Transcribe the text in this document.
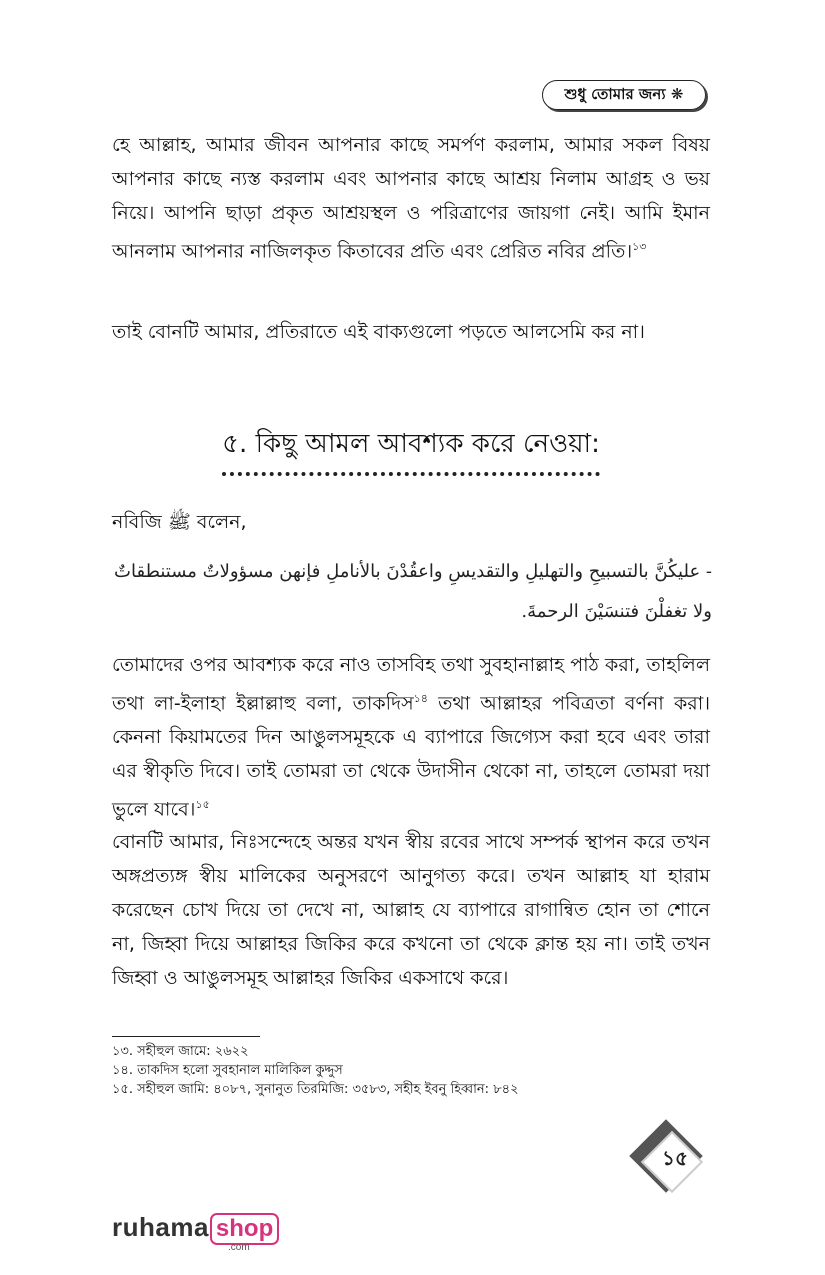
শুধু তোমার জন্য ❋

হে আল্লাহ, আমার জীবন আপনার কাছে সমর্পণ করলাম, আমার সকল বিষয় আপনার কাছে ন্যস্ত করলাম এবং আপনার কাছে আশ্রয় নিলাম আগ্রহ ও ভয় নিয়ে। আপনি ছাড়া প্রকৃত আশ্রয়স্থল ও পরিত্রাণের জায়গা নেই। আমি ইমান আনলাম আপনার নাজিলকৃত কিতাবের প্রতি এবং প্রেরিত নবির প্রতি।$^{১৩}$

তাই বোনটি আমার, প্রতিরাতে এই বাক্যগুলো পড়তে আলসেমি কর না।

৫. কিছু আমল আবশ্যক করে নেওয়া:
নবিজি ﷺ বলেন,
- عليكُنَّ بالتسبيحِ والتهليلِ والتقديسِ واعقُدْنَ بالأناملِ فإنهن مسؤولاتٌ مستنطقاتٌ
ولا تغفلْنَ فتنسَيْنَ الرحمةَ.

তোমাদের ওপর আবশ্যক করে নাও তাসবিহ তথা সুবহানাল্লাহ পাঠ করা, তাহলিল তথা লা-ইলাহা ইল্লাল্লাহু বলা, তাকদিস$^{১৪}$ তথা আল্লাহর পবিত্রতা বর্ণনা করা। কেননা কিয়ামতের দিন আঙুলসমূহকে এ ব্যাপারে জিগ্যেস করা হবে এবং তারা এর স্বীকৃতি দিবে। তাই তোমরা তা থেকে উদাসীন থেকো না, তাহলে তোমরা দয়া ভুলে যাবে।$^{১৫}$

বোনটি আমার, নিঃসন্দেহে অন্তর যখন স্বীয় রবের সাথে সম্পর্ক স্থাপন করে তখন অঙ্গপ্রত্যঙ্গ স্বীয় মালিকের অনুসরণে আনুগত্য করে। তখন আল্লাহ যা হারাম করেছেন চোখ দিয়ে তা দেখে না, আল্লাহ যে ব্যাপারে রাগান্বিত হোন তা শোনে না, জিহ্বা দিয়ে আল্লাহর জিকির করে কখনো তা থেকে ক্লান্ত হয় না। তাই তখন জিহ্বা ও আঙুলসমূহ আল্লাহর জিকির একসাথে করে।

১৩. সহীহুল জামে: ২৬২২
১৪. তাকদিস হলো সুবহানাল মালিকিল কুদ্দুস
১৫. সহীহুল জামি: ৪০৮৭, সুনানুত তিরমিজি: ৩৫৮৩, সহীহ ইবনু হিব্বান: ৮৪২
১৫
ruhama shop
.com
